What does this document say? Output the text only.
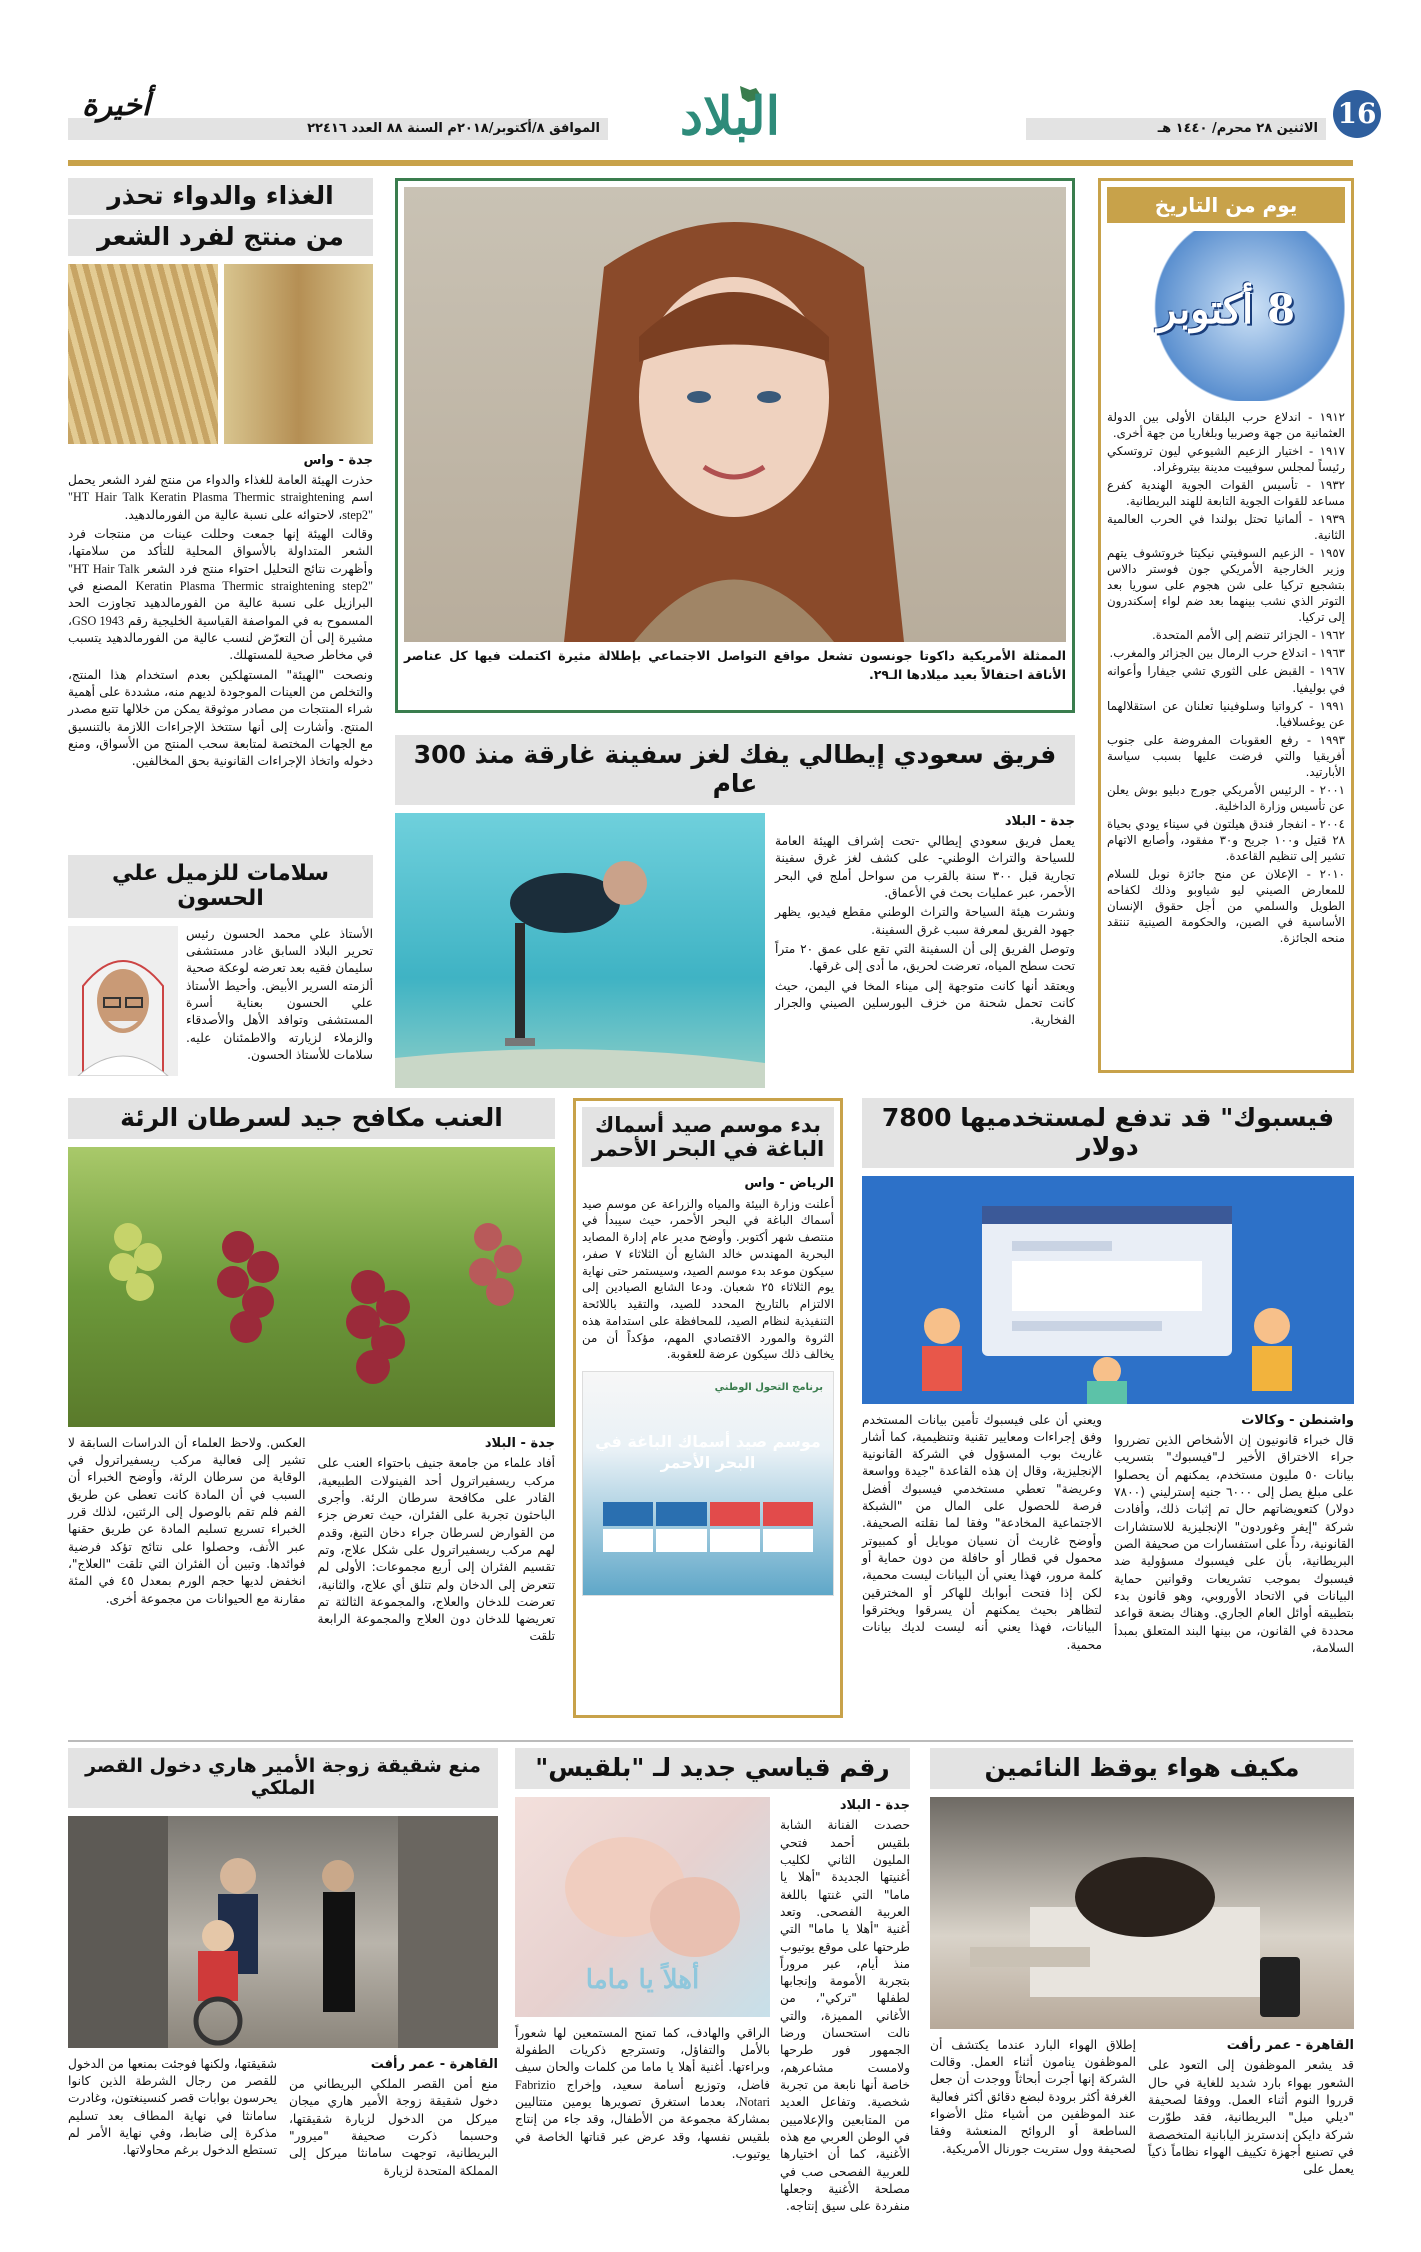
16
الاثنين ٢٨ محرم/ ١٤٤٠ هـ
البلاد
الموافق ٨/أكتوبر/٢٠١٨م السنة ٨٨ العدد ٢٢٤١٦
أخيرة
يوم من التاريخ
8 أكتوبر

١٩١٢ - اندلاع حرب البلقان الأولى بين الدولة العثمانية من جهة وصربيا وبلغاريا من جهة أخرى.

١٩١٧ - اختيار الزعيم الشيوعي ليون تروتسكي رئيساً لمجلس سوفييت مدينة بيتروغراد.

١٩٣٢ - تأسيس القوات الجوية الهندية كفرع مساعد للقوات الجوية التابعة للهند البريطانية.

١٩٣٩ - ألمانيا تحتل بولندا في الحرب العالمية الثانية.

١٩٥٧ - الزعيم السوفيتي نيكيتا خروتشوف يتهم وزير الخارجية الأمريكي جون فوستر دالاس بتشجيع تركيا على شن هجوم على سوريا بعد التوتر الذي نشب بينهما بعد ضم لواء إسكندرون إلى تركيا.

١٩٦٢ - الجزائر تنضم إلى الأمم المتحدة.

١٩٦٣ - اندلاع حرب الرمال بين الجزائر والمغرب.

١٩٦٧ - القبض على الثوري تشي جيفارا وأعوانه في بوليفيا.

١٩٩١ - كرواتيا وسلوفينيا تعلنان عن استقلالهما عن يوغسلافيا.

١٩٩٣ - رفع العقوبات المفروضة على جنوب أفريقيا والتي فرضت عليها بسبب سياسة الأبارتيد.

٢٠٠١ - الرئيس الأمريكي جورج دبليو بوش يعلن عن تأسيس وزارة الداخلية.

٢٠٠٤ - انفجار فندق هيلتون في سيناء يودي بحياة ٢٨ قتيل و١٠٠ جريح و٣٠ مفقود، وأصابع الاتهام تشير إلى تنظيم القاعدة.

٢٠١٠ - الإعلان عن منح جائزة نوبل للسلام للمعارض الصيني ليو شياوبو وذلك لكفاحه الطويل والسلمي من أجل حقوق الإنسان الأساسية في الصين، والحكومة الصينية تنتقد منحه الجائزة.

الممثلة الأمريكية داكوتا جونسون تشعل مواقع التواصل الاجتماعي بإطلالة مثيرة اكتملت فيها كل عناصر الأناقة احتفالاً بعيد ميلادها الـ٢٩.
الغذاء والدواء تحذر
من منتج لفرد الشعر

جدة - واس

حذرت الهيئة العامة للغذاء والدواء من منتج لفرد الشعر يحمل اسم "HT Hair Talk Keratin Plasma Thermic straightening step2"، لاحتوائه على نسبة عالية من الفورمالدهيد.

وقالت الهيئة إنها جمعت وحللت عينات من منتجات فرد الشعر المتداولة بالأسواق المحلية للتأكد من سلامتها، وأظهرت نتائج التحليل احتواء منتج فرد الشعر "HT Hair Talk Keratin Plasma Thermic straightening step2" المصنع في البرازيل على نسبة عالية من الفورمالدهيد تجاوزت الحد المسموح به في المواصفة القياسية الخليجية رقم GSO 1943، مشيرة إلى أن التعرّض لنسب عالية من الفورمالدهيد يتسبب في مخاطر صحية للمستهلك.

ونصحت "الهيئة" المستهلكين بعدم استخدام هذا المنتج، والتخلص من العينات الموجودة لديهم منه، مشددة على أهمية شراء المنتجات من مصادر موثوقة يمكن من خلالها تتبع مصدر المنتج. وأشارت إلى أنها ستتخذ الإجراءات اللازمة بالتنسيق مع الجهات المختصة لمتابعة سحب المنتج من الأسواق، ومنع دخوله واتخاذ الإجراءات القانونية بحق المخالفين.

سلامات للزميل علي الحسون
الأستاذ علي محمد الحسون رئيس تحرير البلاد السابق غادر مستشفى سليمان فقيه بعد تعرضه لوعكة صحية ألزمته السرير الأبيض. وأحيط الأستاذ علي الحسون بعناية أسرة المستشفى وتوافد الأهل والأصدقاء والزملاء لزيارته والاطمئنان عليه. سلامات للأستاذ الحسون.
فريق سعودي إيطالي يفك لغز سفينة غارقة منذ 300 عام

جدة - البلاد

يعمل فريق سعودي إيطالي -تحت إشراف الهيئة العامة للسياحة والتراث الوطني- على كشف لغز غرق سفينة تجارية قبل ٣٠٠ سنة بالقرب من سواحل أملج في البحر الأحمر، عبر عمليات بحث في الأعماق.

ونشرت هيئة السياحة والتراث الوطني مقطع فيديو، يظهر جهود الفريق لمعرفة سبب غرق السفينة.

وتوصل الفريق إلى أن السفينة التي تقع على عمق ٢٠ متراً تحت سطح المياه، تعرضت لحريق، ما أدى إلى غرقها.

ويعتقد أنها كانت متوجهة إلى ميناء المخا في اليمن، حيث كانت تحمل شحنة من خزف البورسلين الصيني والجرار الفخارية.

فيسبوك" قد تدفع لمستخدميها 7800 دولار

واشنطن - وكالات

قال خبراء قانونيون إن الأشخاص الذين تضرروا جراء الاختراق الأخير لـ"فيسبوك" بتسريب بيانات ٥٠ مليون مستخدم، يمكنهم أن يحصلوا على مبلغ يصل إلى ٦٠٠٠ جنيه إسترليني (٧٨٠٠ دولار) كتعويضاتهم حال تم إثبات ذلك، وأفادت شركة "إيفر وغوردون" الإنجليزية للاستشارات القانونية، رداً على استفسارات من صحيفة الصن البريطانية، بأن على فيسبوك مسؤولية ضد فيسبوك بموجب تشريعات وقوانين حماية البيانات في الاتحاد الأوروبي، وهو قانون بدء بتطبيقه أوائل العام الجاري. وهناك بضعة قواعد محددة في القانون، من بينها البند المتعلق بمبدأ السلامة،

ويعني أن على فيسبوك تأمين بيانات المستخدم وفق إجراءات ومعايير تقنية وتنظيمية، كما أشار غاريث بوب المسؤول في الشركة القانونية الإنجليزية، وقال إن هذه القاعدة "جيدة وواسعة وعريضة" تعطي مستخدمي فيسبوك أفضل فرصة للحصول على المال من "الشبكة الاجتماعية المخادعة" وفقا لما نقلته الصحيفة. وأوضح غاريث أن نسيان موبايل أو كمبيوتر محمول في قطار أو حافلة من دون حماية أو كلمة مرور، فهذا يعني أن البيانات ليست محمية، لكن إذا فتحت أبوابك للهاكر أو المخترقين لتظاهر بحيث يمكنهم أن يسرقوا ويخترقوا البيانات، فهذا يعني أنه ليست لديك بيانات محمية.
بدء موسم صيد أسماك الباغة في البحر الأحمر

الرياض - واس

أعلنت وزارة البيئة والمياه والزراعة عن موسم صيد أسماك الباغة في البحر الأحمر، حيث سيبدأ في منتصف شهر أكتوبر. وأوضح مدير عام إدارة المصايد البحرية المهندس خالد الشايع أن الثلاثاء ٧ صفر، سيكون موعد بدء موسم الصيد، وسيستمر حتى نهاية يوم الثلاثاء ٢٥ شعبان. ودعا الشايع الصيادين إلى الالتزام بالتاريخ المحدد للصيد، والتقيد باللائحة التنفيذية لنظام الصيد، للمحافظة على استدامة هذه الثروة والمورد الاقتصادي المهم، مؤكداً أن من يخالف ذلك سيكون عرضة للعقوبة.

برنامج التحول الوطني
موسم صيد أسماك الباغة في البحر الأحمر
العنب مكافح جيد لسرطان الرئة

جدة - البلاد

أفاد علماء من جامعة جنيف باحتواء العنب على مركب ريسفيراترول أحد الفينولات الطبيعية، القادر على مكافحة سرطان الرئة. وأجرى الباحثون تجربة على الفئران، حيث تعرض جزء من القوارض لسرطان جراء دخان التبغ، وقدم لهم مركب ريسفيراترول على شكل علاج، وتم تقسيم الفئران إلى أربع مجموعات: الأولى لم تتعرض إلى الدخان ولم تتلق أي علاج، والثانية، تعرضت للدخان والعلاج، والمجموعة الثالثة تم تعريضها للدخان دون العلاج والمجموعة الرابعة تلقت

العكس. ولاحظ العلماء أن الدراسات السابقة لا تشير إلى فعالية مركب ريسفيراترول في الوقاية من سرطان الرئة، وأوضح الخبراء أن السبب في أن المادة كانت تعطى عن طريق الفم فلم تقم بالوصول إلى الرئتين، لذلك قرر الخبراء تسريع تسليم المادة عن طريق حقنها عبر الأنف، وحصلوا على نتائج تؤكد فرضية فوائدها. وتبين أن الفئران التي تلقت "العلاج"، انخفض لديها حجم الورم بمعدل ٤٥ في المئة مقارنة مع الحيوانات من مجموعة أخرى.
مكيف هواء يوقظ النائمين

القاهرة - عمر رأفت

قد يشعر الموظفون إلى التعود على الشعور بهواء بارد شديد للغاية في حال قرروا النوم أثناء العمل. ووفقا لصحيفة "ديلي ميل" البريطانية، فقد طوّرت شركة دايكن إندستريز اليابانية المتخصصة في تصنيع أجهزة تكييف الهواء نظاماً ذكياً يعمل على

إطلاق الهواء البارد عندما يكتشف أن الموظفون ينامون أثناء العمل. وقالت الشركة إنها أجرت أبحاثاً ووجدت أن جعل الغرفة أكثر برودة لبضع دقائق أكثر فعالية عند الموظفين من أشياء مثل الأضواء الساطعة أو الروائح المنعشة وفقا لصحيفة وول ستريت جورنال الأمريكية.
رقم قياسي جديد لـ "بلقيس"

جدة - البلاد

حصدت الفنانة الشابة بلقيس أحمد فتحي المليون الثاني لكليب أغنيتها الجديدة "أهلا يا ماما" التي غنتها باللغة العربية الفصحى. وتعد أغنية "أهلا يا ماما" التي طرحتها على موقع يوتيوب منذ أيام، عبر مروراً بتجربة الأمومة وإنجابها لطفلها "تركي"، من الأغاني المميزة، والتي نالت استحسان ورضا الجمهور فور طرحها ولامست مشاعرهم، خاصة أنها نابعة من تجربة شخصية. وتفاعل العديد من المتابعين والإعلاميين في الوطن العربي مع هذه الأغنية، كما أن اختيارها للعربية الفصحى صب في مصلحة الأغنية وجعلها منفردة على سيق إنتاجه.

أهلاً يا ماما
الراقي والهادف، كما تمنح المستمعين لها شعوراً بالأمل والتفاؤل، وتسترجع ذكريات الطفولة وبراءتها. أغنية أهلا يا ماما من كلمات والحان سيف فاضل، وتوزيع أسامة سعيد، وإخراج Fabrizio Notari، بعدما استغرق تصويرها يومين متتاليين بمشاركة مجموعة من الأطفال، وقد جاء من إنتاج بلقيس نفسها، وقد عرض عبر قناتها الخاصة في يوتيوب.
منع شقيقة زوجة الأمير هاري دخول القصر الملكي

القاهرة - عمر رأفت

منع أمن القصر الملكي البريطاني من دخول شقيقة زوجة الأمير هاري ميجان ميركل من الدخول لزيارة شقيقتها، وحسبما ذكرت صحيفة "ميرور" البريطانية، توجهت سامانثا ميركل إلى المملكة المتحدة لزيارة

شقيقتها، ولكنها فوجئت بمنعها من الدخول للقصر من رجال الشرطة الذين كانوا يحرسون بوابات قصر كنسينغتون، وغادرت سامانثا في نهاية المطاف بعد تسليم مذكرة إلى ضابط، وفي نهاية الأمر لم تستطع الدخول برغم محاولاتها.
